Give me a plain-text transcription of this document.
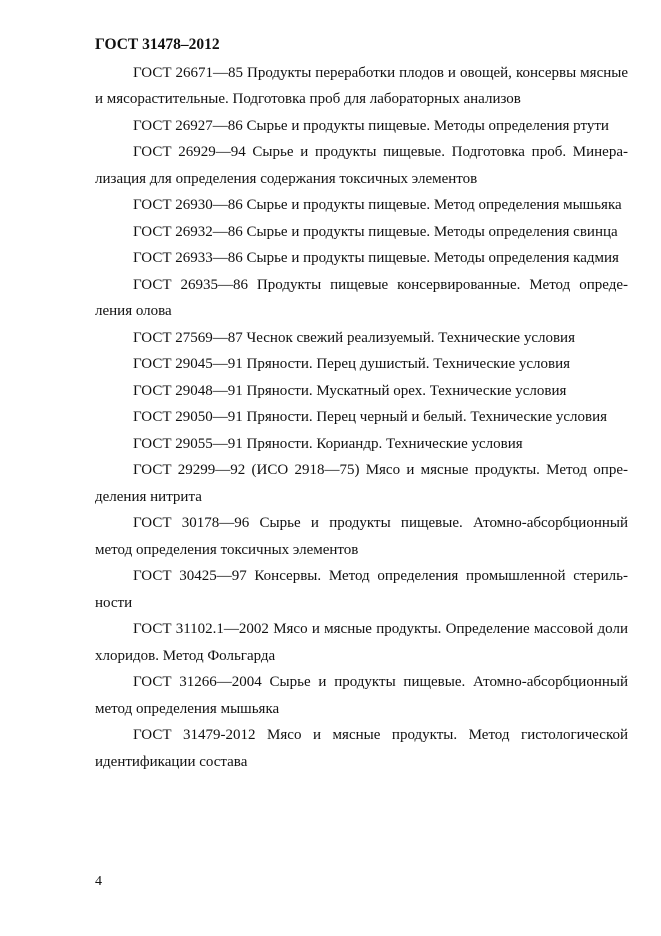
ГОСТ 31478–2012

ГОСТ 26671—85 Продукты переработки плодов и овощей, консервы мясные и мясорастительные. Подготовка проб для лабораторных анализов

ГОСТ 26927—86 Сырье и продукты пищевые. Методы определения ртути

ГОСТ 26929—94 Сырье и продукты пищевые. Подготовка проб. Минерализация для определения содержания токсичных элементов

ГОСТ 26930—86 Сырье и продукты пищевые. Метод определения мышьяка

ГОСТ 26932—86 Сырье и продукты пищевые. Методы определения свинца

ГОСТ 26933—86 Сырье и продукты пищевые. Методы определения кадмия

ГОСТ 26935—86 Продукты пищевые консервированные. Метод определения олова

ГОСТ 27569—87 Чеснок свежий реализуемый. Технические условия

ГОСТ 29045—91 Пряности. Перец душистый. Технические условия

ГОСТ 29048—91 Пряности. Мускатный орех. Технические условия

ГОСТ 29050—91 Пряности. Перец черный и белый. Технические условия

ГОСТ 29055—91 Пряности. Кориандр. Технические условия

ГОСТ 29299—92 (ИСО 2918—75) Мясо и мясные продукты. Метод определения нитрита

ГОСТ 30178—96 Сырье и продукты пищевые. Атомно-абсорбционный метод определения токсичных элементов

ГОСТ 30425—97 Консервы. Метод определения промышленной стерильности

ГОСТ 31102.1—2002 Мясо и мясные продукты. Определение массовой доли хлоридов. Метод Фольгарда

ГОСТ 31266—2004 Сырье и продукты пищевые. Атомно-абсорбционный метод определения мышьяка

ГОСТ 31479-2012 Мясо и мясные продукты. Метод гистологической идентификации состава

4
